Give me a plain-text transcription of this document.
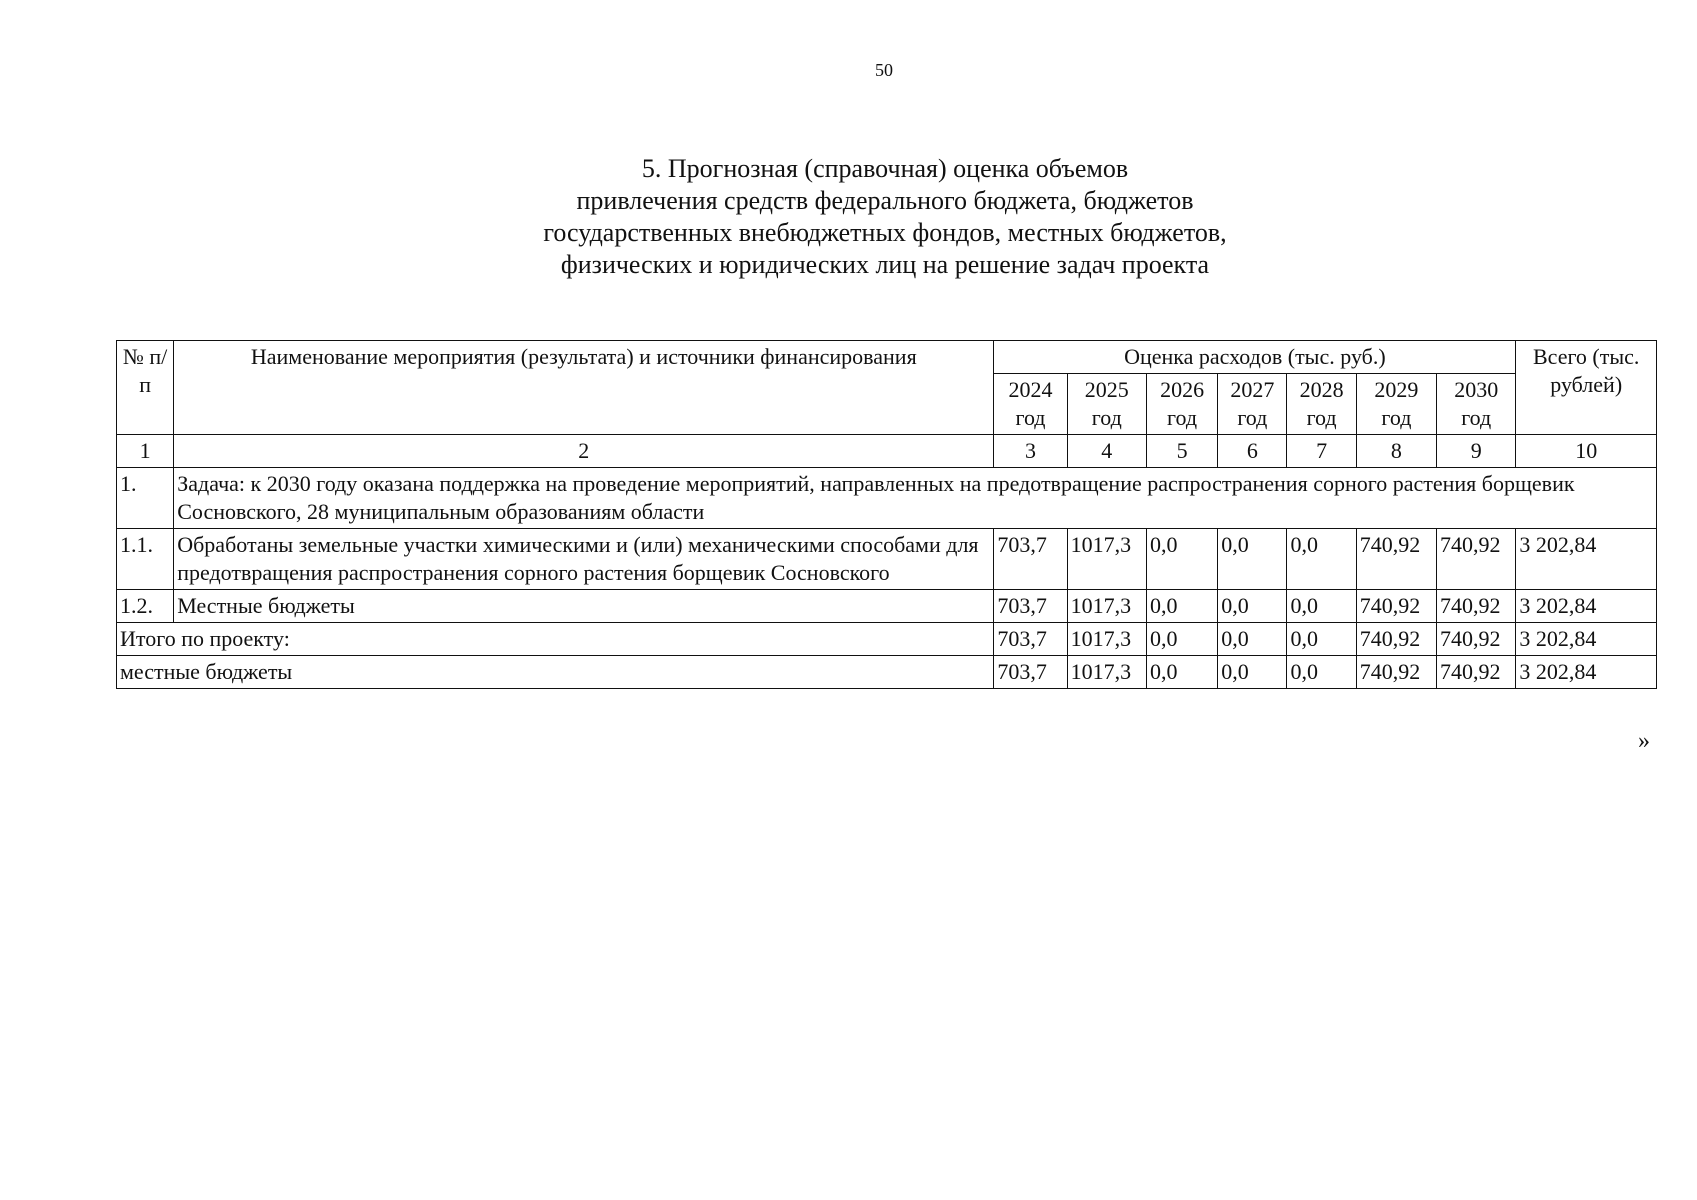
50
5. Прогнозная (справочная) оценка объемов
привлечения средств федерального бюджета, бюджетов
государственных внебюджетных фондов, местных бюджетов,
физических и юридических лиц на решение задач проекта
№ п/п	Наименование мероприятия (результата) и источники финансирования	Оценка расходов (тыс. руб.)							Всего (тыс. рублей)
		2024 год	2025 год	2026 год	2027 год	2028 год	2029 год	2030 год	
1	2	3	4	5	6	7	8	9	10
1.	Задача: к 2030 году оказана поддержка на проведение мероприятий, направленных на предотвращение распространения сорного растения борщевик Сосновского, 28 муниципальным образованиям области								
1.1.	Обработаны земельные участки химическими и (или) механическими способами для предотвращения распространения сорного растения борщевик Сосновского	703,7	1017,3	0,0	0,0	0,0	740,92	740,92	3 202,84
1.2.	Местные бюджеты	703,7	1017,3	0,0	0,0	0,0	740,92	740,92	3 202,84
Итого по проекту:		703,7	1017,3	0,0	0,0	0,0	740,92	740,92	3 202,84
местные бюджеты		703,7	1017,3	0,0	0,0	0,0	740,92	740,92	3 202,84
»
